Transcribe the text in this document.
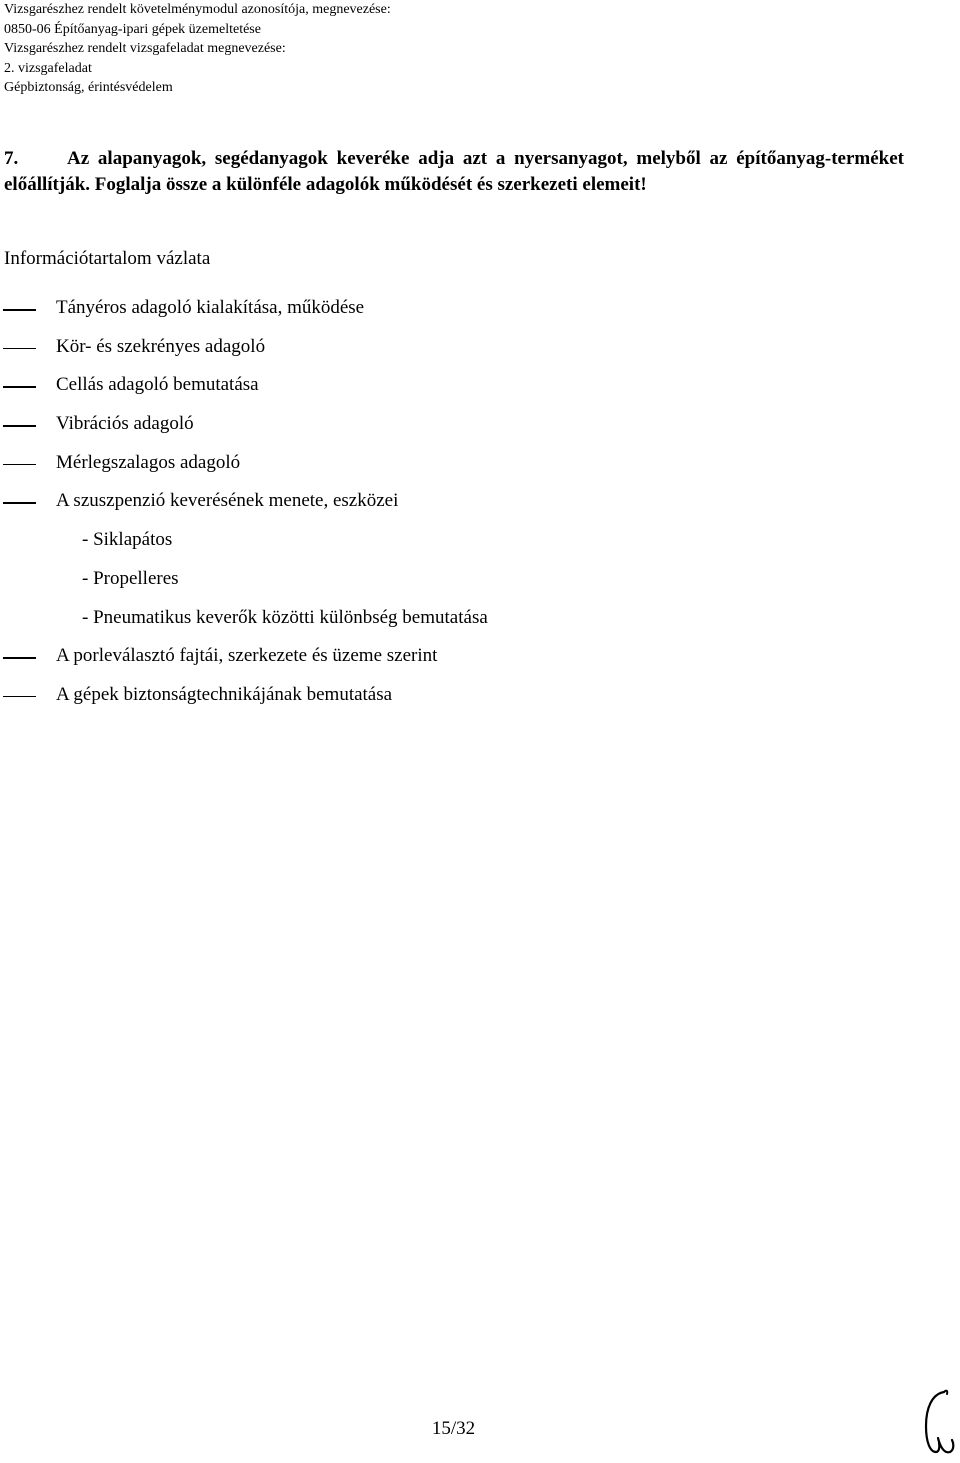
Vizsgarészhez rendelt követelménymodul azonosítója, megnevezése:
0850-06 Építőanyag-ipari gépek üzemeltetése
Vizsgarészhez rendelt vizsgafeladat megnevezése:
2. vizsgafeladat
Gépbiztonság, érintésvédelem
7.	Az alapanyagok, segédanyagok keveréke adja azt a nyersanyagot, melyből az építőanyag-terméket előállítják. Foglalja össze a különféle adagolók működését és szerkezeti elemeit!
Információtartalom vázlata
Tányéros adagoló kialakítása, működése
Kör- és szekrényes adagoló
Cellás adagoló bemutatása
Vibrációs adagoló
Mérlegszalagos adagoló
A szuszpenzió keverésének menete, eszközei
- Siklapátos
- Propelleres
- Pneumatikus keverők közötti különbség bemutatása
A porleválasztó fajtái, szerkezete és üzeme szerint
A gépek biztonságtechnikájának bemutatása
15/32
